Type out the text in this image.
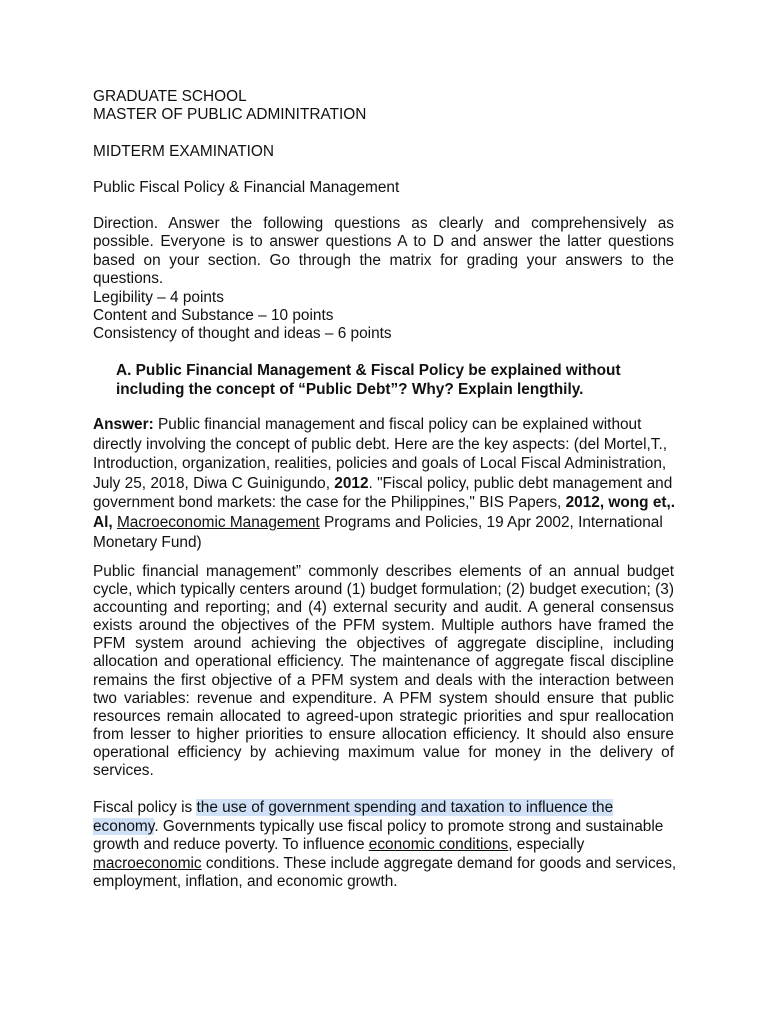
GRADUATE SCHOOL
MASTER OF PUBLIC ADMINITRATION
MIDTERM EXAMINATION
Public Fiscal Policy & Financial Management

Direction. Answer the following questions as clearly and comprehensively as possible. Everyone is to answer questions A to D and answer the latter questions based on your section. Go through the matrix for grading your answers to the questions.

Legibility – 4 points

Content and Substance – 10 points

Consistency of thought and ideas – 6 points

A. Public Financial Management & Fiscal Policy be explained without including the concept of “Public Debt”? Why? Explain lengthily.

Answer: Public financial management and fiscal policy can be explained without directly involving the concept of public debt. Here are the key aspects: (del Mortel,T., Introduction, organization, realities, policies and goals of Local Fiscal Administration, July 25, 2018, Diwa C Guinigundo, 2012. "Fiscal policy, public debt management and government bond markets: the case for the Philippines," BIS Papers, 2012, wong et,. Al, Macroeconomic Management Programs and Policies, 19 Apr 2002, International Monetary Fund)

Public financial management” commonly describes elements of an annual budget cycle, which typically centers around (1) budget formulation; (2) budget execution; (3) accounting and reporting; and (4) external security and audit. A general consensus exists around the objectives of the PFM system. Multiple authors have framed the PFM system around achieving the objectives of aggregate discipline, including allocation and operational efficiency. The maintenance of aggregate fiscal discipline remains the first objective of a PFM system and deals with the interaction between two variables: revenue and expenditure. A PFM system should ensure that public resources remain allocated to agreed-upon strategic priorities and spur reallocation from lesser to higher priorities to ensure allocation efficiency. It should also ensure operational efficiency by achieving maximum value for money in the delivery of services.

Fiscal policy is the use of government spending and taxation to influence the economy. Governments typically use fiscal policy to promote strong and sustainable growth and reduce poverty. To influence economic conditions, especially macroeconomic conditions. These include aggregate demand for goods and services, employment, inflation, and economic growth.
